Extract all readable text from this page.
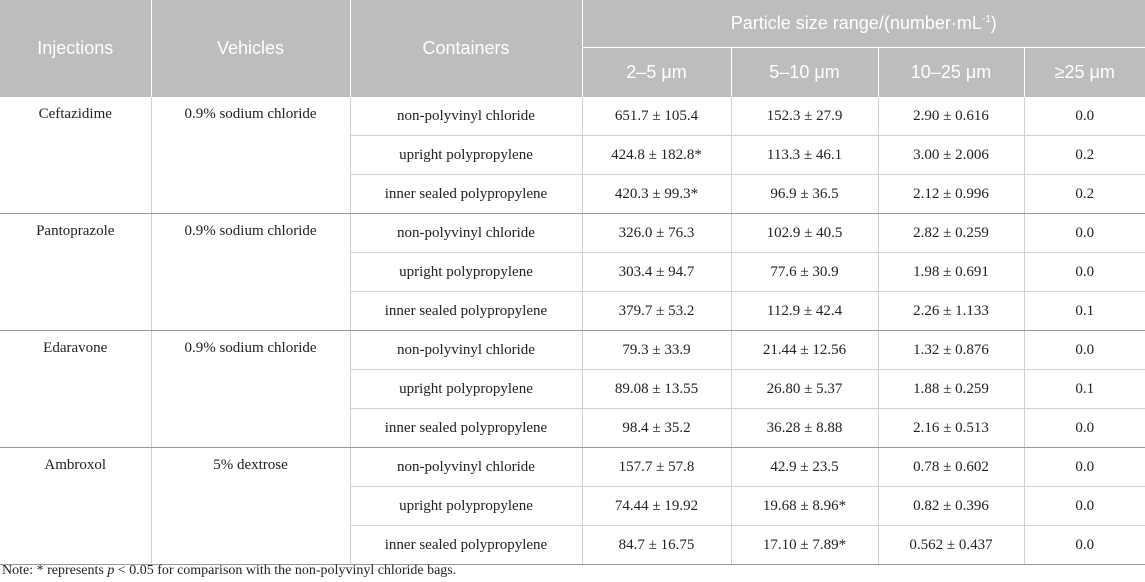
Injections	Vehicles	Containers	Particle size range/$(number\cdot mL^{-1})$			
			2–5 μm	5–10 μm	10–25 μm	≥25 μm
Ceftazidime	0.9% sodium chloride	non-polyvinyl chloride	651.7 ± 105.4	152.3 ± 27.9	2.90 ± 0.616	0.0
		upright polypropylene	424.8 ± 182.8*	113.3 ± 46.1	3.00 ± 2.006	0.2
		inner sealed polypropylene	420.3 ± 99.3*	96.9 ± 36.5	2.12 ± 0.996	0.2
Pantoprazole	0.9% sodium chloride	non-polyvinyl chloride	326.0 ± 76.3	102.9 ± 40.5	2.82 ± 0.259	0.0
		upright polypropylene	303.4 ± 94.7	77.6 ± 30.9	1.98 ± 0.691	0.0
		inner sealed polypropylene	379.7 ± 53.2	112.9 ± 42.4	2.26 ± 1.133	0.1
Edaravone	0.9% sodium chloride	non-polyvinyl chloride	79.3 ± 33.9	21.44 ± 12.56	1.32 ± 0.876	0.0
		upright polypropylene	89.08 ± 13.55	26.80 ± 5.37	1.88 ± 0.259	0.1
		inner sealed polypropylene	98.4 ± 35.2	36.28 ± 8.88	2.16 ± 0.513	0.0
Ambroxol	5% dextrose	non-polyvinyl chloride	157.7 ± 57.8	42.9 ± 23.5	0.78 ± 0.602	0.0
		upright polypropylene	74.44 ± 19.92	19.68 ± 8.96*	0.82 ± 0.396	0.0
		inner sealed polypropylene	84.7 ± 16.75	17.10 ± 7.89*	0.562 ± 0.437	0.0
Note: * represents p < 0.05 for comparison with the non-polyvinyl chloride bags.
